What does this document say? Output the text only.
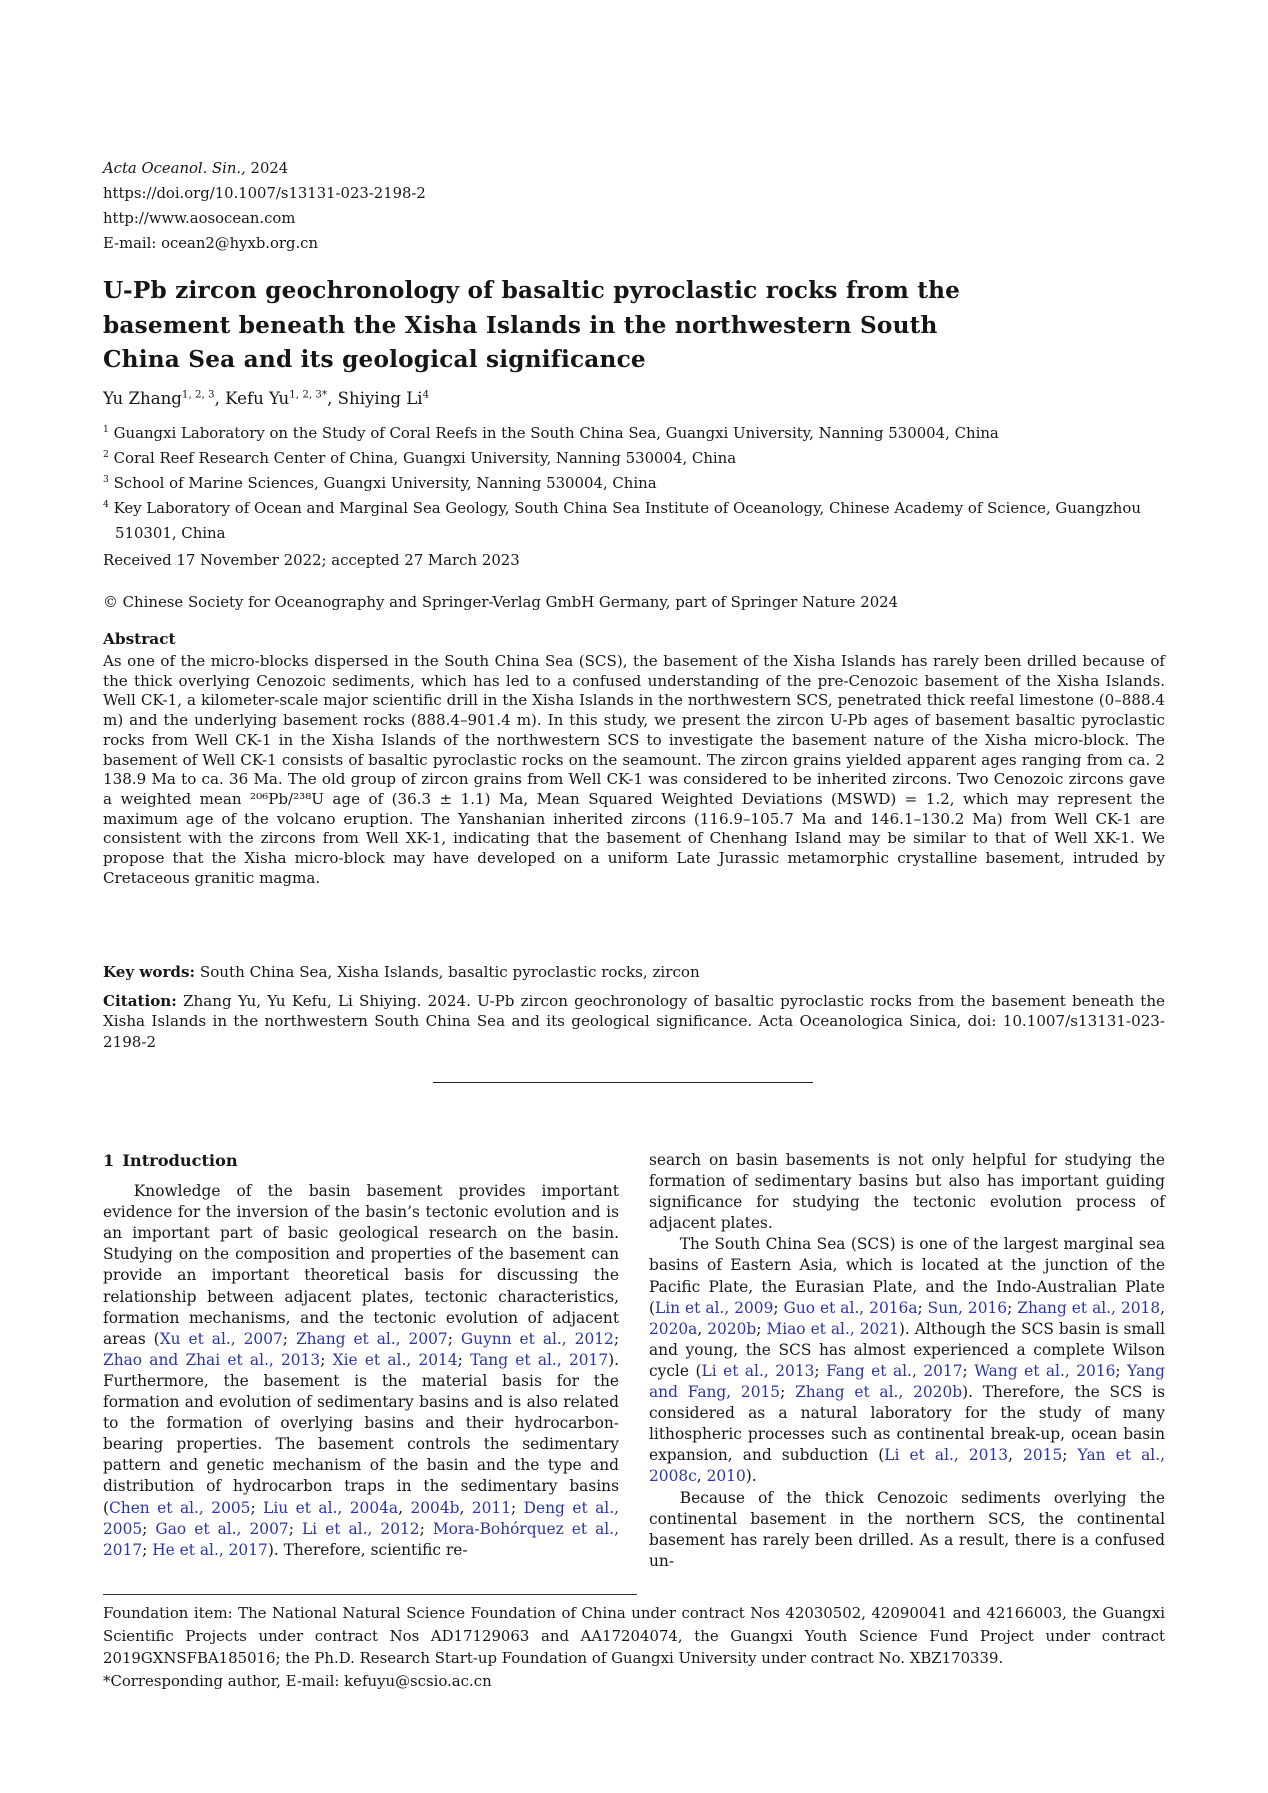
Acta Oceanol. Sin., 2024
https://doi.org/10.1007/s13131-023-2198-2
http://www.aosocean.com
E-mail: ocean2@hyxb.org.cn
U-Pb zircon geochronology of basaltic pyroclastic rocks from the
basement beneath the Xisha Islands in the northwestern South
China Sea and its geological significance
Yu Zhang$^{1, 2, 3}$, Kefu $Yu^{1, 2, 3*}$, Shiying Li$^4$
$^1$ Guangxi Laboratory on the Study of Coral Reefs in the South China Sea, Guangxi University, Nanning 530004, China
$^2$ Coral Reef Research Center of China, Guangxi University, Nanning 530004, China
$^3$ School of Marine Sciences, Guangxi University, Nanning 530004, China
$^4$ Key Laboratory of Ocean and Marginal Sea Geology, South China Sea Institute of Oceanology, Chinese Academy of Science, Guangzhou 510301, China
Received 17 November 2022; accepted 27 March 2023
© Chinese Society for Oceanography and Springer-Verlag GmbH Germany, part of Springer Nature 2024
Abstract
As one of the micro-blocks dispersed in the South China Sea (SCS), the basement of the Xisha Islands has rarely been drilled because of the thick overlying Cenozoic sediments, which has led to a confused understanding of the pre-Cenozoic basement of the Xisha Islands. Well CK-1, a kilometer-scale major scientific drill in the Xisha Islands in the northwestern SCS, penetrated thick reefal limestone (0–888.4 m) and the underlying basement rocks (888.4–901.4 m). In this study, we present the zircon U-Pb ages of basement basaltic pyroclastic rocks from Well CK-1 in the Xisha Islands of the northwestern SCS to investigate the basement nature of the Xisha micro-block. The basement of Well CK-1 consists of basaltic pyroclastic rocks on the seamount. The zircon grains yielded apparent ages ranging from ca. 2 138.9 Ma to ca. 36 Ma. The old group of zircon grains from Well CK-1 was considered to be inherited zircons. Two Cenozoic zircons gave a weighted mean ²⁰⁶Pb/²³⁸U age of (36.3 ± 1.1) Ma, Mean Squared Weighted Deviations (MSWD) = 1.2, which may represent the maximum age of the volcano eruption. The Yanshanian inherited zircons (116.9–105.7 Ma and 146.1–130.2 Ma) from Well CK-1 are consistent with the zircons from Well XK-1, indicating that the basement of Chenhang Island may be similar to that of Well XK-1. We propose that the Xisha micro-block may have developed on a uniform Late Jurassic metamorphic crystalline basement, intruded by Cretaceous granitic magma.
Key words: South China Sea, Xisha Islands, basaltic pyroclastic rocks, zircon
Citation: Zhang Yu, Yu Kefu, Li Shiying. 2024. U-Pb zircon geochronology of basaltic pyroclastic rocks from the basement beneath the Xisha Islands in the northwestern South China Sea and its geological significance. Acta Oceanologica Sinica, doi: 10.1007/s13131-023-2198-2
1 Introduction

Knowledge of the basin basement provides important evidence for the inversion of the basin’s tectonic evolution and is an important part of basic geological research on the basin. Studying on the composition and properties of the basement can provide an important theoretical basis for discussing the relationship between adjacent plates, tectonic characteristics, formation mechanisms, and the tectonic evolution of adjacent areas (Xu et al., 2007; Zhang et al., 2007; Guynn et al., 2012; Zhao and Zhai et al., 2013; Xie et al., 2014; Tang et al., 2017). Furthermore, the basement is the material basis for the formation and evolution of sedimentary basins and is also related to the formation of overlying basins and their hydrocarbon-bearing properties. The basement controls the sedimentary pattern and genetic mechanism of the basin and the type and distribution of hydrocarbon traps in the sedimentary basins (Chen et al., 2005; Liu et al., 2004a, 2004b, 2011; Deng et al., 2005; Gao et al., 2007; Li et al., 2012; Mora-Bohórquez et al., 2017; He et al., 2017). Therefore, scientific re-

search on basin basements is not only helpful for studying the formation of sedimentary basins but also has important guiding significance for studying the tectonic evolution process of adjacent plates.

The South China Sea (SCS) is one of the largest marginal sea basins of Eastern Asia, which is located at the junction of the Pacific Plate, the Eurasian Plate, and the Indo-Australian Plate (Lin et al., 2009; Guo et al., 2016a; Sun, 2016; Zhang et al., 2018, 2020a, 2020b; Miao et al., 2021). Although the SCS basin is small and young, the SCS has almost experienced a complete Wilson cycle (Li et al., 2013; Fang et al., 2017; Wang et al., 2016; Yang and Fang, 2015; Zhang et al., 2020b). Therefore, the SCS is considered as a natural laboratory for the study of many lithospheric processes such as continental break-up, ocean basin expansion, and subduction (Li et al., 2013, 2015; Yan et al., 2008c, 2010).

Because of the thick Cenozoic sediments overlying the continental basement in the northern SCS, the continental basement has rarely been drilled. As a result, there is a confused un-

Foundation item: The National Natural Science Foundation of China under contract Nos 42030502, 42090041 and 42166003, the Guangxi Scientific Projects under contract Nos AD17129063 and AA17204074, the Guangxi Youth Science Fund Project under contract 2019GXNSFBA185016; the Ph.D. Research Start-up Foundation of Guangxi University under contract No. XBZ170339.
*Corresponding author, E-mail: kefuyu@scsio.ac.cn
